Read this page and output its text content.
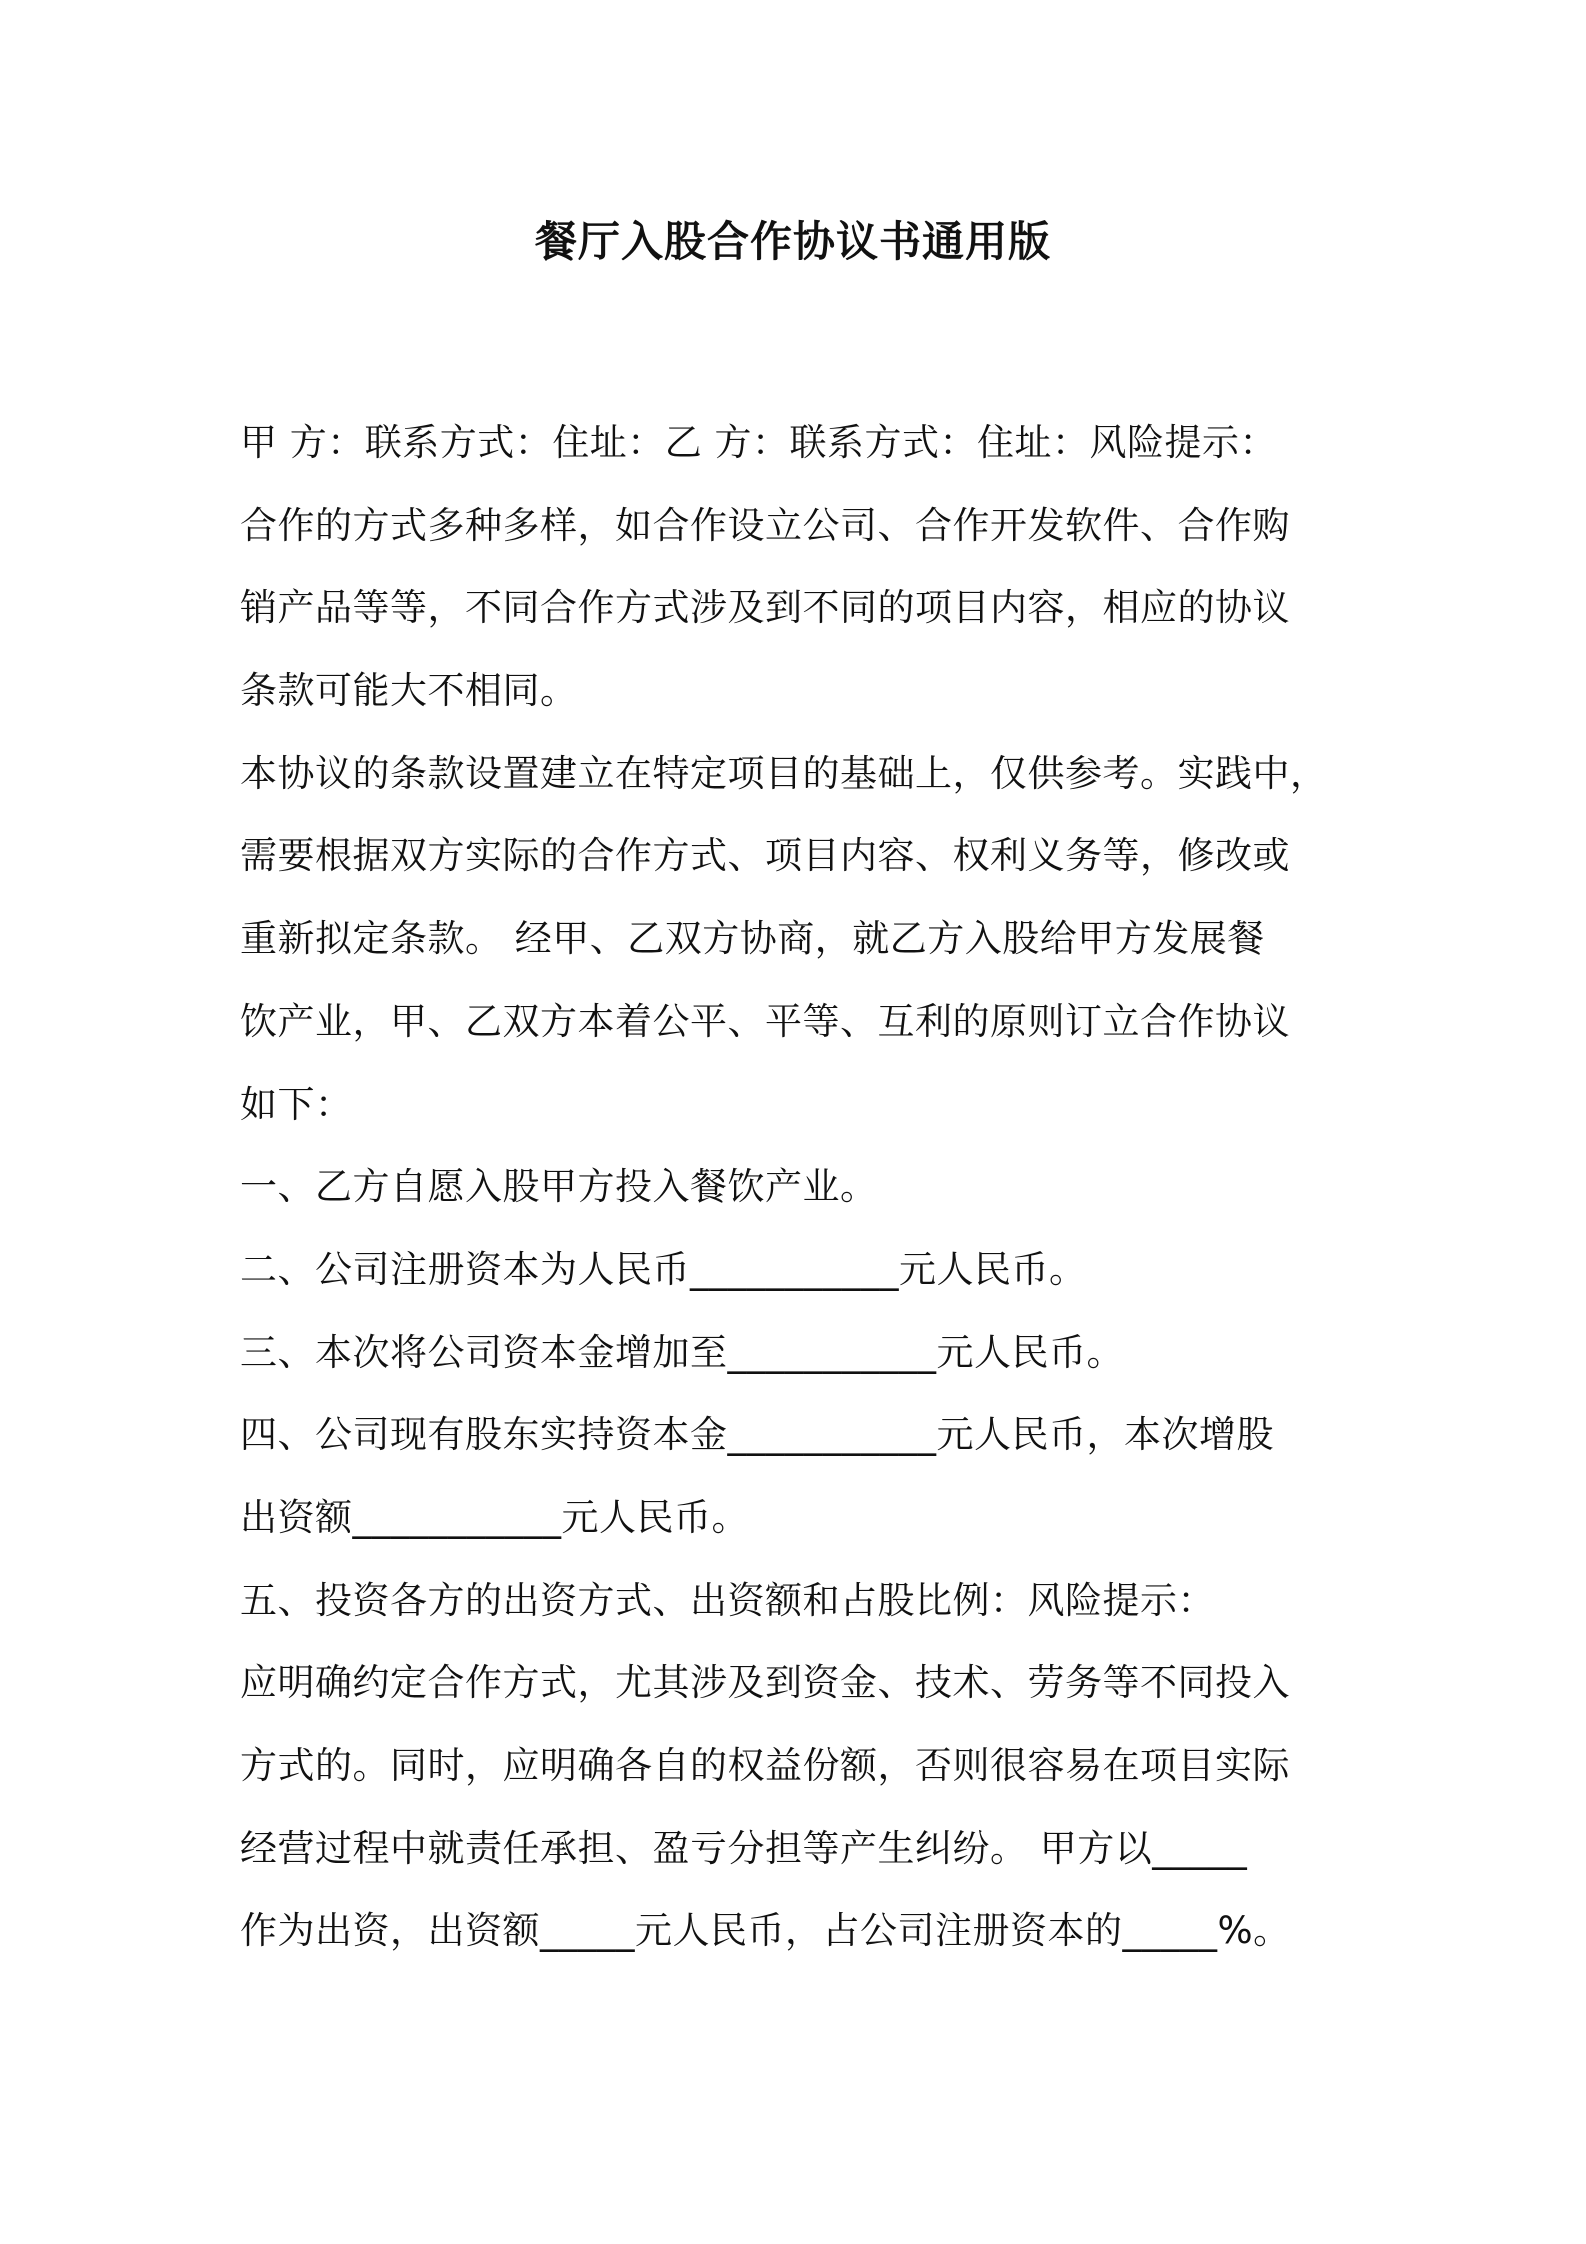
餐厅入股合作协议书通用版
甲 方：联系方式：住址：乙 方：联系方式：住址：风险提示：
合作的方式多种多样，如合作设立公司、合作开发软件、合作购
销产品等等，不同合作方式涉及到不同的项目内容，相应的协议
条款可能大不相同。
本协议的条款设置建立在特定项目的基础上，仅供参考。实践中，
需要根据双方实际的合作方式、项目内容、权利义务等，修改或
重新拟定条款。 经甲、乙双方协商，就乙方入股给甲方发展餐
饮产业，甲、乙双方本着公平、平等、互利的原则订立合作协议
如下：
一、乙方自愿入股甲方投入餐饮产业。
二、公司注册资本为人民币___________元人民币。
三、本次将公司资本金增加至___________元人民币。
四、公司现有股东实持资本金___________元人民币，本次增股
出资额___________元人民币。
五、投资各方的出资方式、出资额和占股比例：风险提示：
应明确约定合作方式，尤其涉及到资金、技术、劳务等不同投入
方式的。同时，应明确各自的权益份额，否则很容易在项目实际
经营过程中就责任承担、盈亏分担等产生纠纷。 甲方以_____
作为出资，出资额_____元人民币，占公司注册资本的_____%。
